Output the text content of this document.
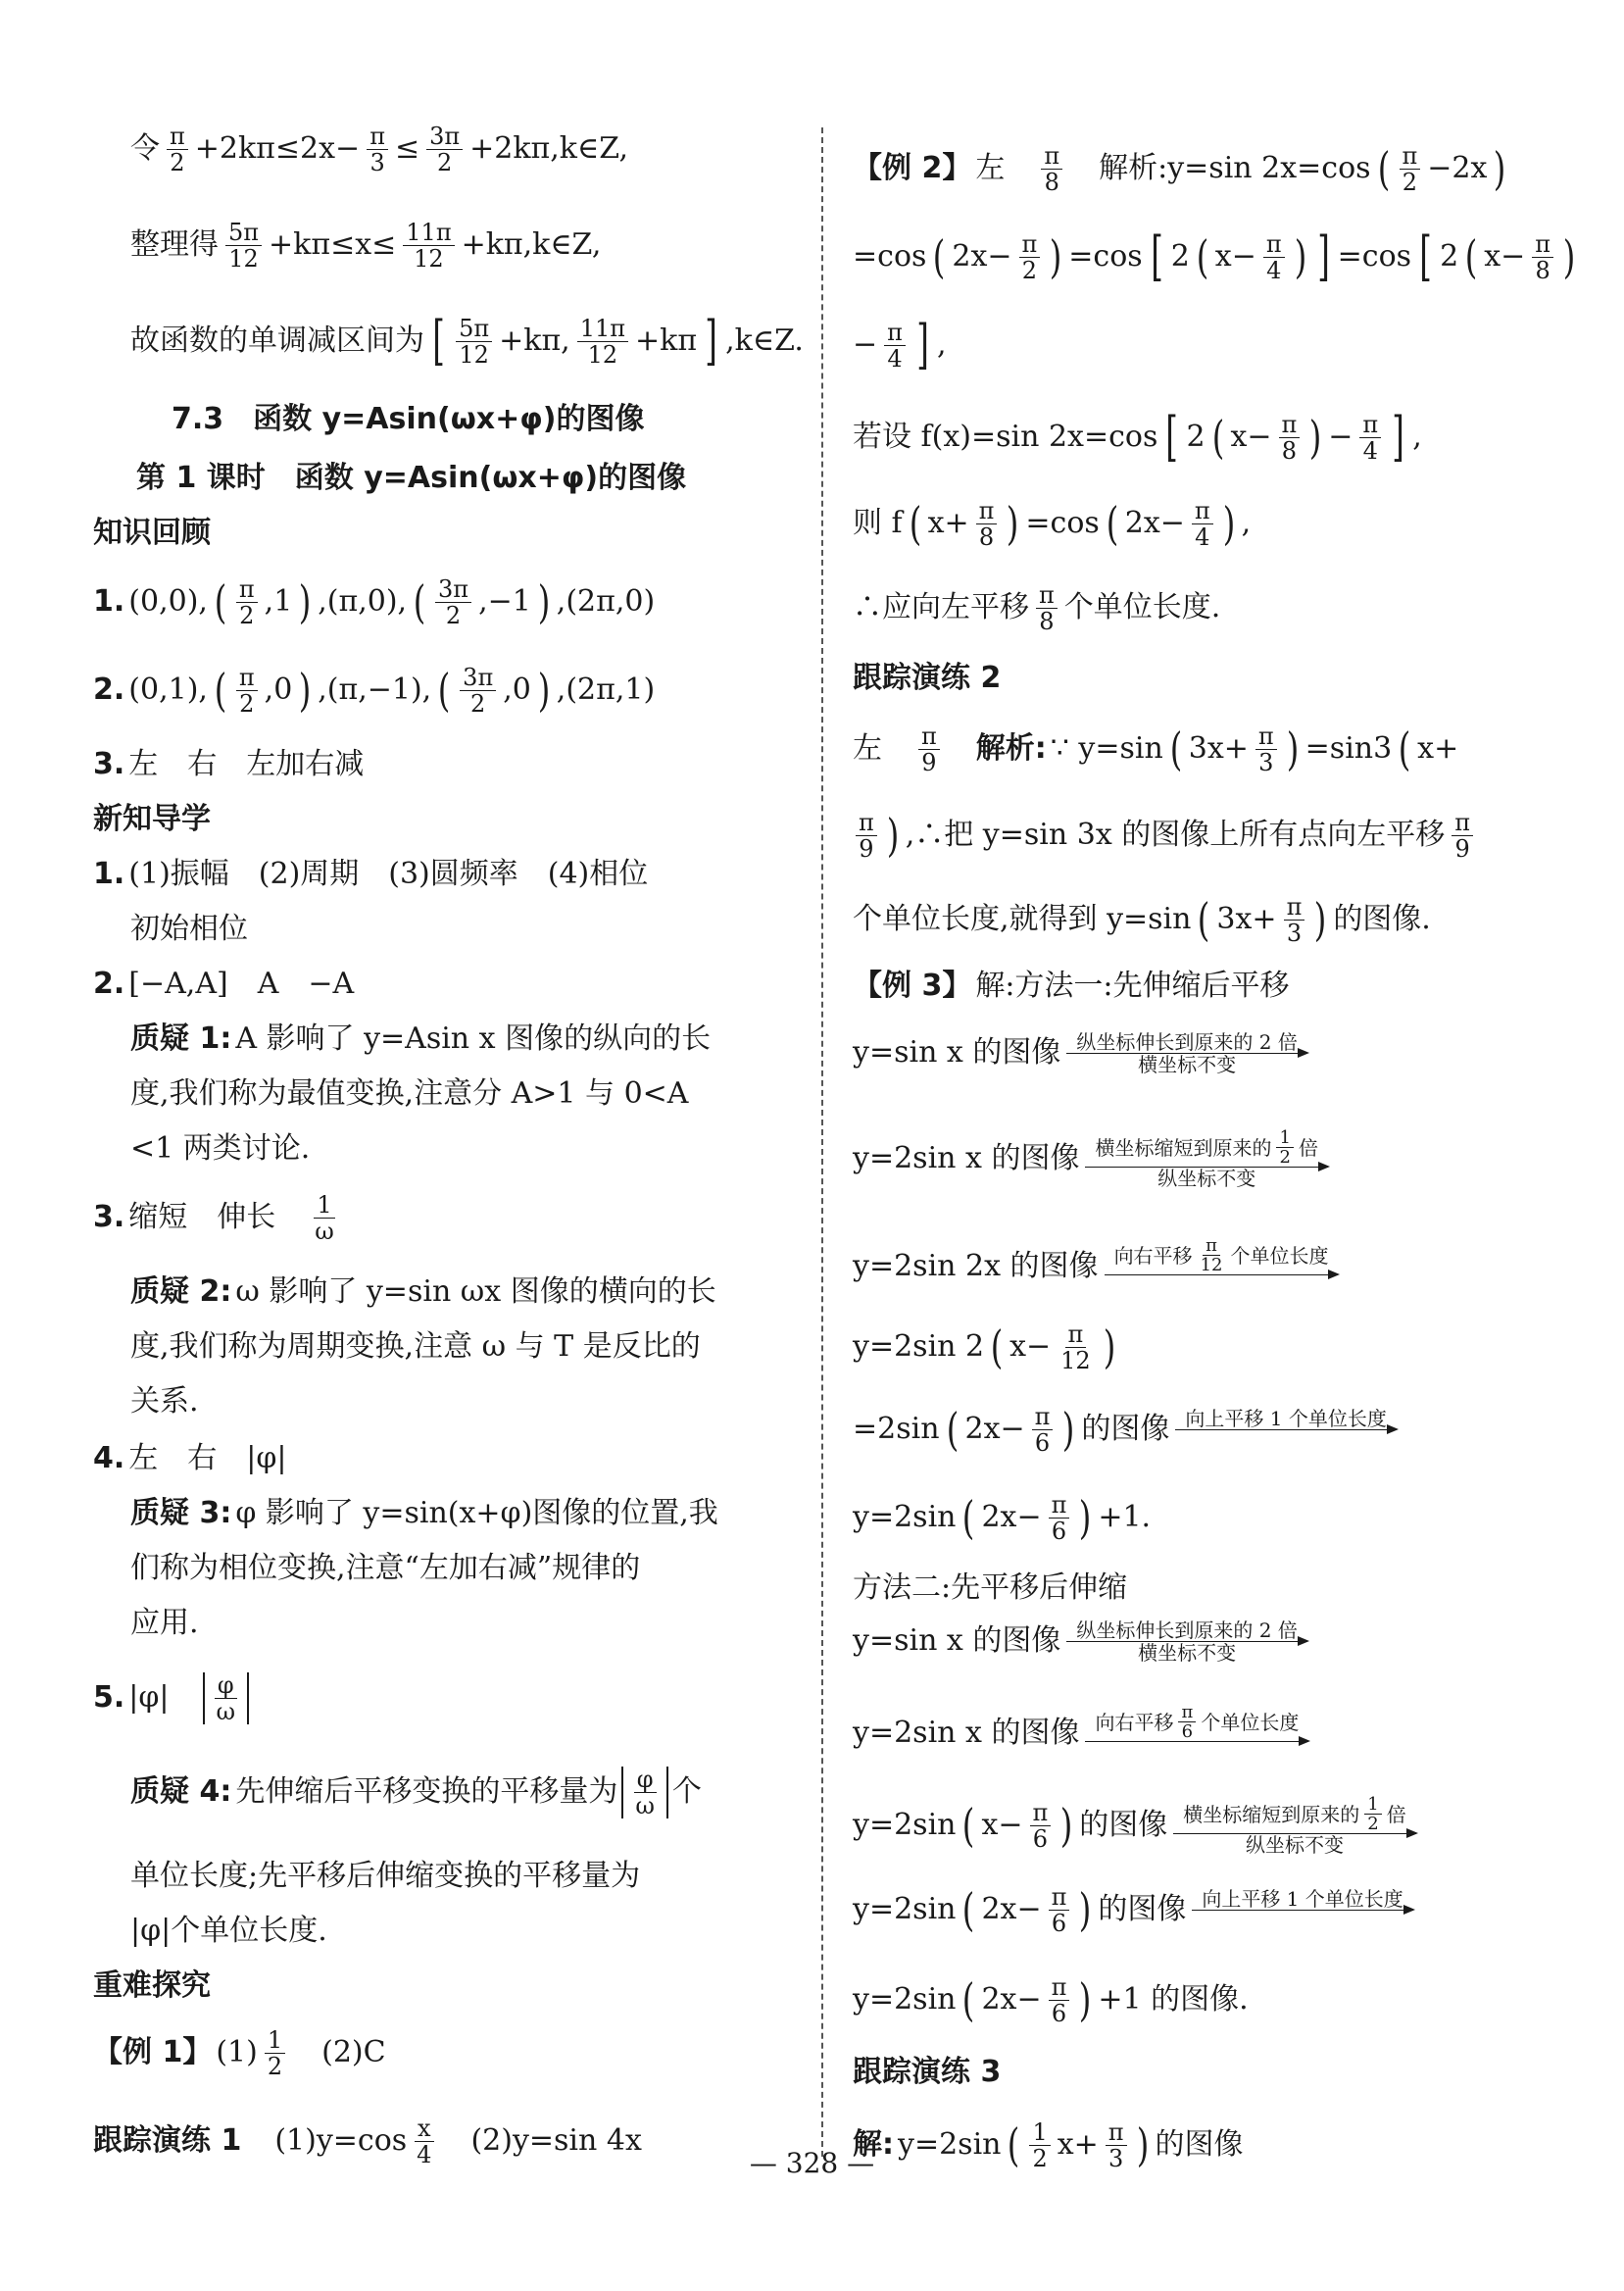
令 π
$2 +2k\pi\le 2x- \frac{\pi}{3} \le \frac{3\pi}{2}$ +2kπ,k∈Z,
整理得 5π
$12 +k\pi\le x\le \frac{11\pi}{12}$ +kπ,k∈Z,
故函数的单调减区间为 [ 5π
12 +kπ, 11π
12 +kπ ] ,k∈Z.
7.3　函数 y=Asin(ωx+φ)的图像
第 1 课时　函数 y=Asin(ωx+φ)的图像
知识回顾
1. (0,0), ( π
2 ,1 ) ,(π,0), ( 3π
2 ,−1 ) ,(2π,0)
2. (0,1), ( π
2 ,0 ) ,(π,−1), ( 3π
2 ,0 ) ,(2π,1)
3. 左　右　左加右减
新知导学
1. (1)振幅　(2)周期　(3)圆频率　(4)相位
初始相位
2. [−A,A]　A　−A
质疑 1: A 影响了 y=Asin x 图像的纵向的长
度,我们称为最值变换,注意分 A>1 与 0<A
<1 两类讨论.
3. 缩短　伸长　 1
ω
质疑 2: ω 影响了 y=sin ωx 图像的横向的长
度,我们称为周期变换,注意 ω 与 T 是反比的
关系.
4. 左　右　|φ|
质疑 3: φ 影响了 y=sin(x+φ)图像的位置,我
们称为相位变换,注意“左加右减”规律的
应用.
5. |φ|　 $\frac{\varphi}{\omega}$
质疑 4: 先伸缩后平移变换的平移量为 $\frac{\varphi}{\omega}$ 个
单位长度;先平移后伸缩变换的平移量为
|φ|个单位长度.
重难探究
【例 1】 (1) 1
2 　(2)C
跟踪演练 1 　(1)y=cos x
4 　(2)y=sin 4x
【例 2】 左　 π
8 　解析:y=sin 2x=cos ( π
2 −2x )
=cos ( $2x- \frac{\pi}{2}$ ) =cos [ 2 ( $x- \frac{\pi}{4}$ ) ] =cos [ 2 ( $x- \frac{\pi}{8}$ )
− $\frac{\pi}{4}$ ] ,
若设 f(x)=sin 2x=cos [ 2 ( $x- \frac{\pi}{8}$ ) − $\frac{\pi}{4}$ ] ,
则 f ( $x+ \frac{\pi}{8}$ ) =cos ( $2x- \frac{\pi}{4}$ ) ,
∴应向左平移 π
8 个单位长度.
跟踪演练 2
左　 π
9 　解析: ∵ y=sin ( $3x+ \frac{\pi}{3}$ ) =sin3 ( x+
π
9 ) ,∴把 y=sin 3x 的图像上所有点向左平移 π
9
个单位长度,就得到 y=sin ( $3x+ \frac{\pi}{3}$ ) 的图像.
【例 3】 解:方法一:先伸缩后平移
y=sin x 的图像 纵坐标伸长到原来的 2 倍
横坐标不变
y=2sin x 的图像 横坐标缩短到原来的 1
2 倍
纵坐标不变
y=2sin 2x 的图像 向右平移 π
12 个单位长度
y=2sin 2 ( $x- \frac{\pi}{12}$ )
=2sin ( $2x- \frac{\pi}{6}$ ) 的图像 向上平移 1 个单位长度
y=2sin ( $2x- \frac{\pi}{6}$ ) +1.
方法二:先平移后伸缩
y=sin x 的图像 纵坐标伸长到原来的 2 倍
横坐标不变
y=2sin x 的图像 向右平移 π
6 个单位长度
y=2sin ( $x- \frac{\pi}{6}$ ) 的图像 横坐标缩短到原来的 1
2 倍
纵坐标不变
y=2sin ( $2x- \frac{\pi}{6}$ ) 的图像 向上平移 1 个单位长度
y=2sin ( $2x- \frac{\pi}{6}$ ) +1 的图像.
跟踪演练 3
解: y=2sin ( 1
2 $x+ \frac{\pi}{3}$ ) 的图像
— 328 —
